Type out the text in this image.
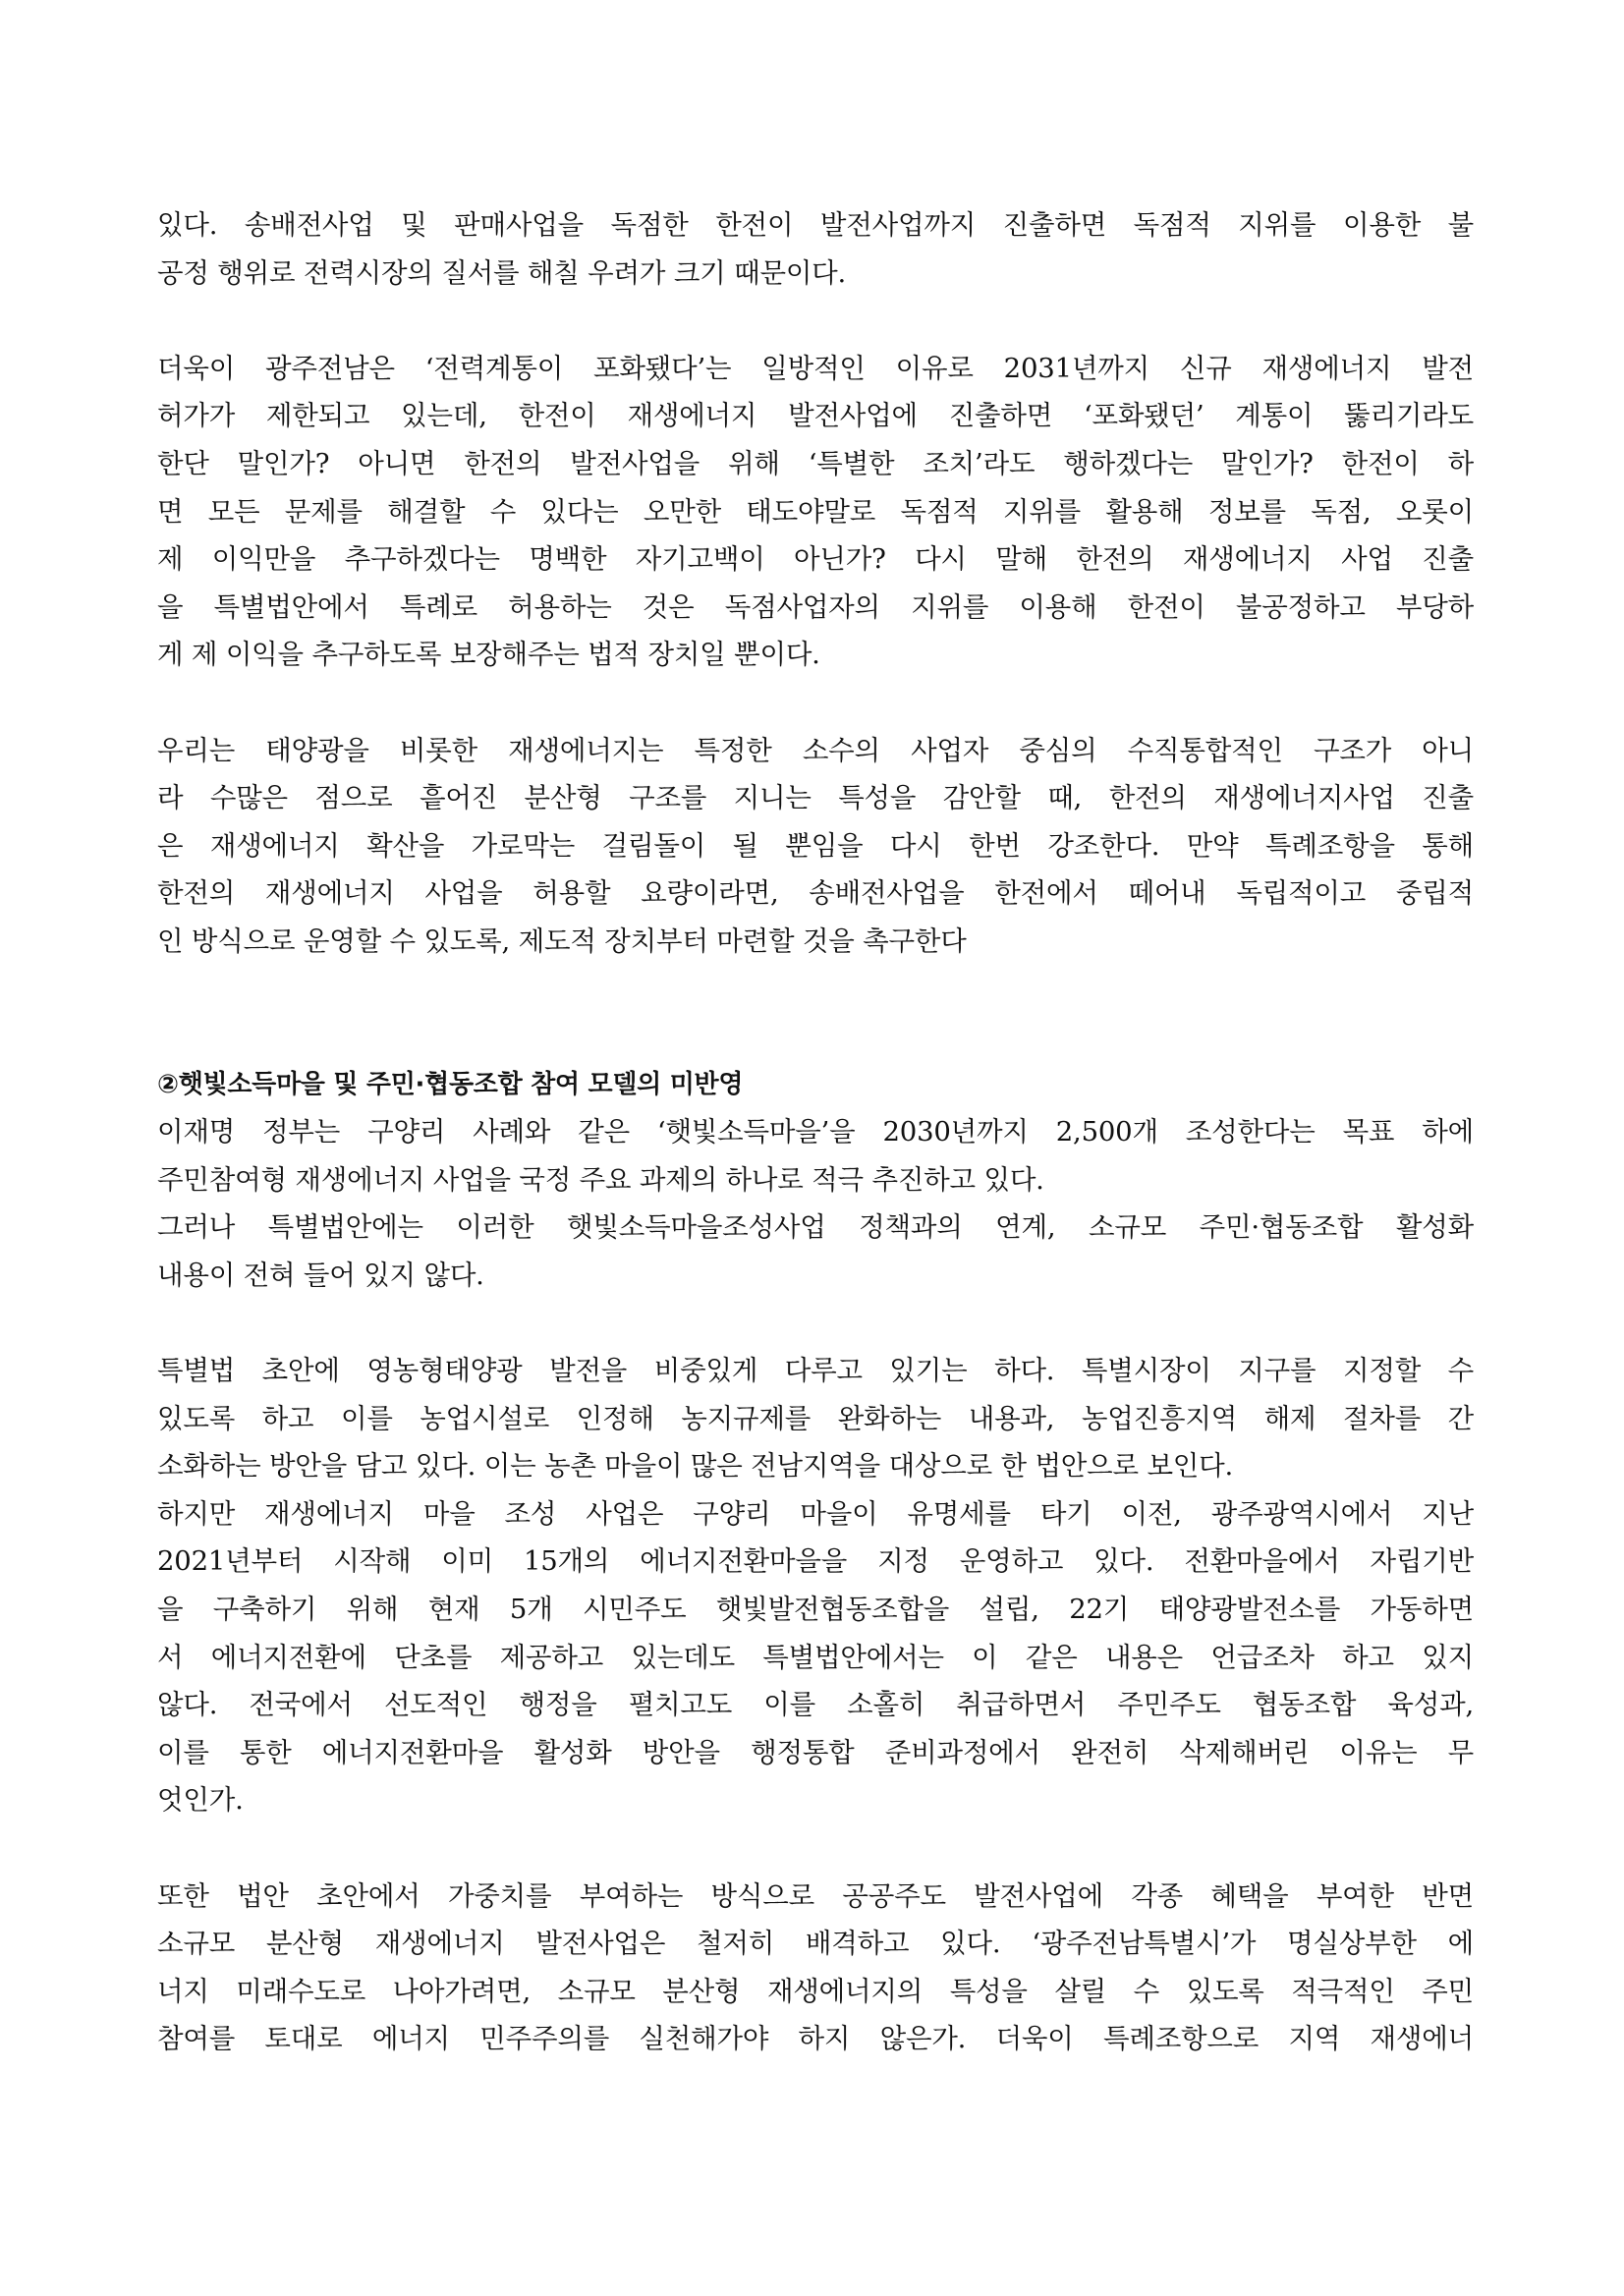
있다. 송배전사업 및 판매사업을 독점한 한전이 발전사업까지 진출하면 독점적 지위를 이용한 불
공정 행위로 전력시장의 질서를 해칠 우려가 크기 때문이다.
더욱이 광주전남은 ‘전력계통이 포화됐다’는 일방적인 이유로 2031년까지 신규 재생에너지 발전
허가가 제한되고 있는데, 한전이 재생에너지 발전사업에 진출하면 ‘포화됐던’ 계통이 뚫리기라도
한단 말인가? 아니면 한전의 발전사업을 위해 ‘특별한 조치’라도 행하겠다는 말인가? 한전이 하
면 모든 문제를 해결할 수 있다는 오만한 태도야말로 독점적 지위를 활용해 정보를 독점, 오롯이
제 이익만을 추구하겠다는 명백한 자기고백이 아닌가? 다시 말해 한전의 재생에너지 사업 진출
을 특별법안에서 특례로 허용하는 것은 독점사업자의 지위를 이용해 한전이 불공정하고 부당하
게 제 이익을 추구하도록 보장해주는 법적 장치일 뿐이다.
우리는 태양광을 비롯한 재생에너지는 특정한 소수의 사업자 중심의 수직통합적인 구조가 아니
라 수많은 점으로 흩어진 분산형 구조를 지니는 특성을 감안할 때, 한전의 재생에너지사업 진출
은 재생에너지 확산을 가로막는 걸림돌이 될 뿐임을 다시 한번 강조한다. 만약 특례조항을 통해
한전의 재생에너지 사업을 허용할 요량이라면, 송배전사업을 한전에서 떼어내 독립적이고 중립적
인 방식으로 운영할 수 있도록, 제도적 장치부터 마련할 것을 촉구한다
②햇빛소득마을 및 주민·협동조합 참여 모델의 미반영
이재명 정부는 구양리 사례와 같은 ‘햇빛소득마을’을 2030년까지 2,500개 조성한다는 목표 하에
주민참여형 재생에너지 사업을 국정 주요 과제의 하나로 적극 추진하고 있다.
그러나 특별법안에는 이러한 햇빛소득마을조성사업 정책과의 연계, 소규모 주민·협동조합 활성화
내용이 전혀 들어 있지 않다.
특별법 초안에 영농형태양광 발전을 비중있게 다루고 있기는 하다. 특별시장이 지구를 지정할 수
있도록 하고 이를 농업시설로 인정해 농지규제를 완화하는 내용과, 농업진흥지역 해제 절차를 간
소화하는 방안을 담고 있다. 이는 농촌 마을이 많은 전남지역을 대상으로 한 법안으로 보인다.
하지만 재생에너지 마을 조성 사업은 구양리 마을이 유명세를 타기 이전, 광주광역시에서 지난
2021년부터 시작해 이미 15개의 에너지전환마을을 지정 운영하고 있다. 전환마을에서 자립기반
을 구축하기 위해 현재 5개 시민주도 햇빛발전협동조합을 설립, 22기 태양광발전소를 가동하면
서 에너지전환에 단초를 제공하고 있는데도 특별법안에서는 이 같은 내용은 언급조차 하고 있지
않다. 전국에서 선도적인 행정을 펼치고도 이를 소홀히 취급하면서 주민주도 협동조합 육성과,
이를 통한 에너지전환마을 활성화 방안을 행정통합 준비과정에서 완전히 삭제해버린 이유는 무
엇인가.
또한 법안 초안에서 가중치를 부여하는 방식으로 공공주도 발전사업에 각종 혜택을 부여한 반면
소규모 분산형 재생에너지 발전사업은 철저히 배격하고 있다. ‘광주전남특별시’가 명실상부한 에
너지 미래수도로 나아가려면, 소규모 분산형 재생에너지의 특성을 살릴 수 있도록 적극적인 주민
참여를 토대로 에너지 민주주의를 실천해가야 하지 않은가. 더욱이 특례조항으로 지역 재생에너
